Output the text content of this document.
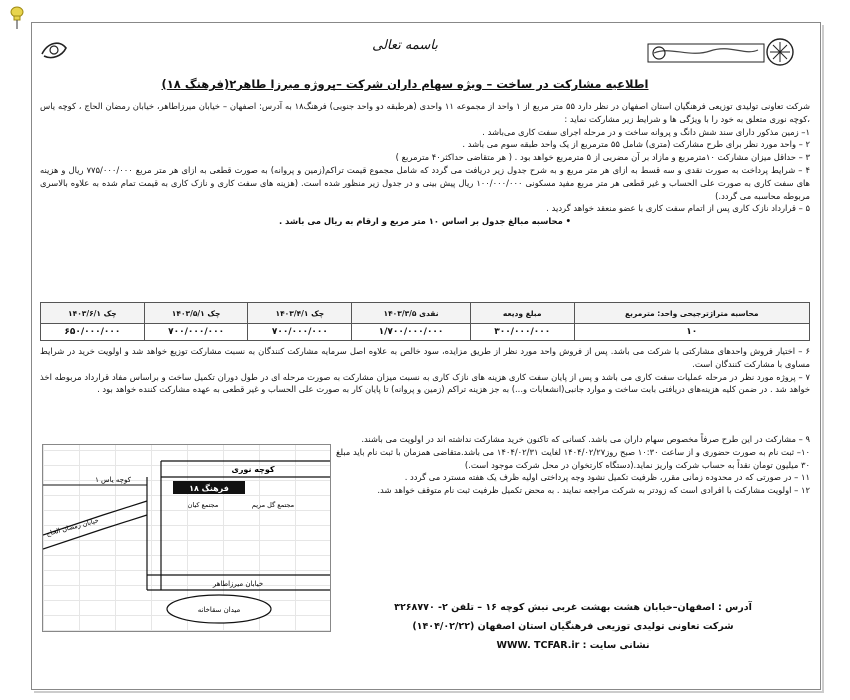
باسمه تعالی
اطلاعیه مشارکت در ساخت – ویژه سهام داران شرکت –پروژه میرزا طاهر۲(فرهنگ ۱۸)

شرکت تعاونی تولیدی توزیعی فرهنگیان استان اصفهان در نظر دارد ۵۵ متر مربع از ۱ واحد از مجموعه ۱۱ واحدی (هرطبقه دو واحد جنوبی) فرهنگ۱۸ به آدرس: اصفهان – خیابان میرزاطاهر، خیابان رمضان الحاج ، کوچه یاس ،کوچه نوری متعلق به خود را با ویژگی ها و شرایط زیر مشارکت نماید :

۱– زمین مذکور دارای سند شش دانگ و پروانه ساخت و در مرحله اجرای سفت کاری می‌باشد .

۲ – واحد مورد نظر برای طرح مشارکت (متری) شامل ۵۵ مترمربع از یک واحد طبقه سوم می باشد .

۳ – حداقل میزان مشارکت ۱۰مترمربع و مازاد بر آن مضربی از ۵ مترمربع خواهد بود . ( هر متقاضی حداکثر۴۰ مترمربع )

۴ – شرایط پرداخت به صورت نقدی و سه قسط به ازای هر متر مربع و به شرح جدول زیر دریافت می گردد که شامل مجموع قیمت تراکم(زمین و پروانه) به صورت قطعی به ازای هر متر مربع ۷۷۵/۰۰۰/۰۰۰ ریال و هزینه های سفت کاری به صورت علی الحساب و غیر قطعی هر متر مربع مفید مسکونی ۱۰۰/۰۰۰/۰۰۰ ریال پیش بینی و در جدول زیر منظور شده است. (هزینه های سفت کاری و نازک کاری به قیمت تمام شده به علاوه بالاسری مربوطه محاسبه می گردد.)

۵ – قرارداد نازک کاری پس از اتمام سفت کاری با عضو منعقد خواهد گردید .

• محاسبه مبالغ جدول بر اساس ۱۰ متر مربع و ارقام به ریال می باشد .

محاسبه متراژترجیحی واحد: مترمربع	مبلغ ودیعه	نقدی ۱۴۰۳/۳/۵	چک ۱۴۰۳/۴/۱	چک ۱۴۰۳/۵/۱	چک ۱۴۰۳/۶/۱
۱۰	۳۰۰/۰۰۰/۰۰۰	۱/۷۰۰/۰۰۰/۰۰۰	۷۰۰/۰۰۰/۰۰۰	۷۰۰/۰۰۰/۰۰۰	۶۵۰/۰۰۰/۰۰۰

۶ – اختیار فروش واحدهای مشارکتی با شرکت می باشد. پس از فروش واحد مورد نظر از طریق مزایده، سود خالص به علاوه اصل سرمایه مشارکت کنندگان به نسبت مشارکت توزیع خواهد شد و اولویت خرید در شرایط مساوی با مشارکت کنندگان است.

۷ – پروژه مورد نظر در مرحله عملیات سفت کاری می باشد و پس از پایان سفت کاری هزینه های نازک کاری به نسبت میزان مشارکت به صورت مرحله ای در طول دوران تکمیل ساخت و براساس مفاد قرارداد مربوطه اخذ خواهد شد . در ضمن کلیه هزینه‌های دریافتی بابت ساخت و موارد جانبی(انشعابات و...) به جز هزینه تراکم (زمین و پروانه) تا پایان کار به صورت علی الحساب و غیر قطعی به عهده مشارکت کننده خواهد بود .

۹ – مشارکت در این طرح صرفاً مخصوص سهام داران می باشد. کسانی که تاکنون خرید مشارکت نداشته اند در اولویت می باشند.

۱۰– ثبت نام به صورت حضوری و از ساعت ۱۰:۳۰ صبح روز۱۴۰۴/۰۲/۲۷ لغایت ۱۴۰۴/۰۲/۳۱ می باشد.متقاضی همزمان با ثبت نام باید مبلغ ۳۰ میلیون تومان نقداً به حساب شرکت واریز نماید.(دستگاه کارتخوان در محل شرکت موجود است.)

۱۱ – در صورتی که در محدوده زمانی مقرر، ظرفیت تکمیل نشود وجه پرداختی اولیه ظرف یک هفته مسترد می گردد .

۱۲ – اولویت مشارکت با افرادی است که زودتر به شرکت مراجعه نمایند . به محض تکمیل ظرفیت ثبت نام متوقف خواهد شد.

کوچه نوری
کوچه یاس ۱
فرهنگ ۱۸
مجتمع کیان	مجتمع گل مریم
خیابان رمضان الحاج
خیابان میرزاطاهر
میدان سقاخانه	آدرس : اصفهان–خیابان هشت بهشت غربی نبش کوچه ۱۶ – تلفن ۲- ۳۲۶۸۷۷۰

شرکت تعاونی تولیدی توزیعی فرهنگیان استان اصفهان (۱۴۰۴/۰۲/۲۲)

نشانی سایت : WWW. TCFAR.ir
